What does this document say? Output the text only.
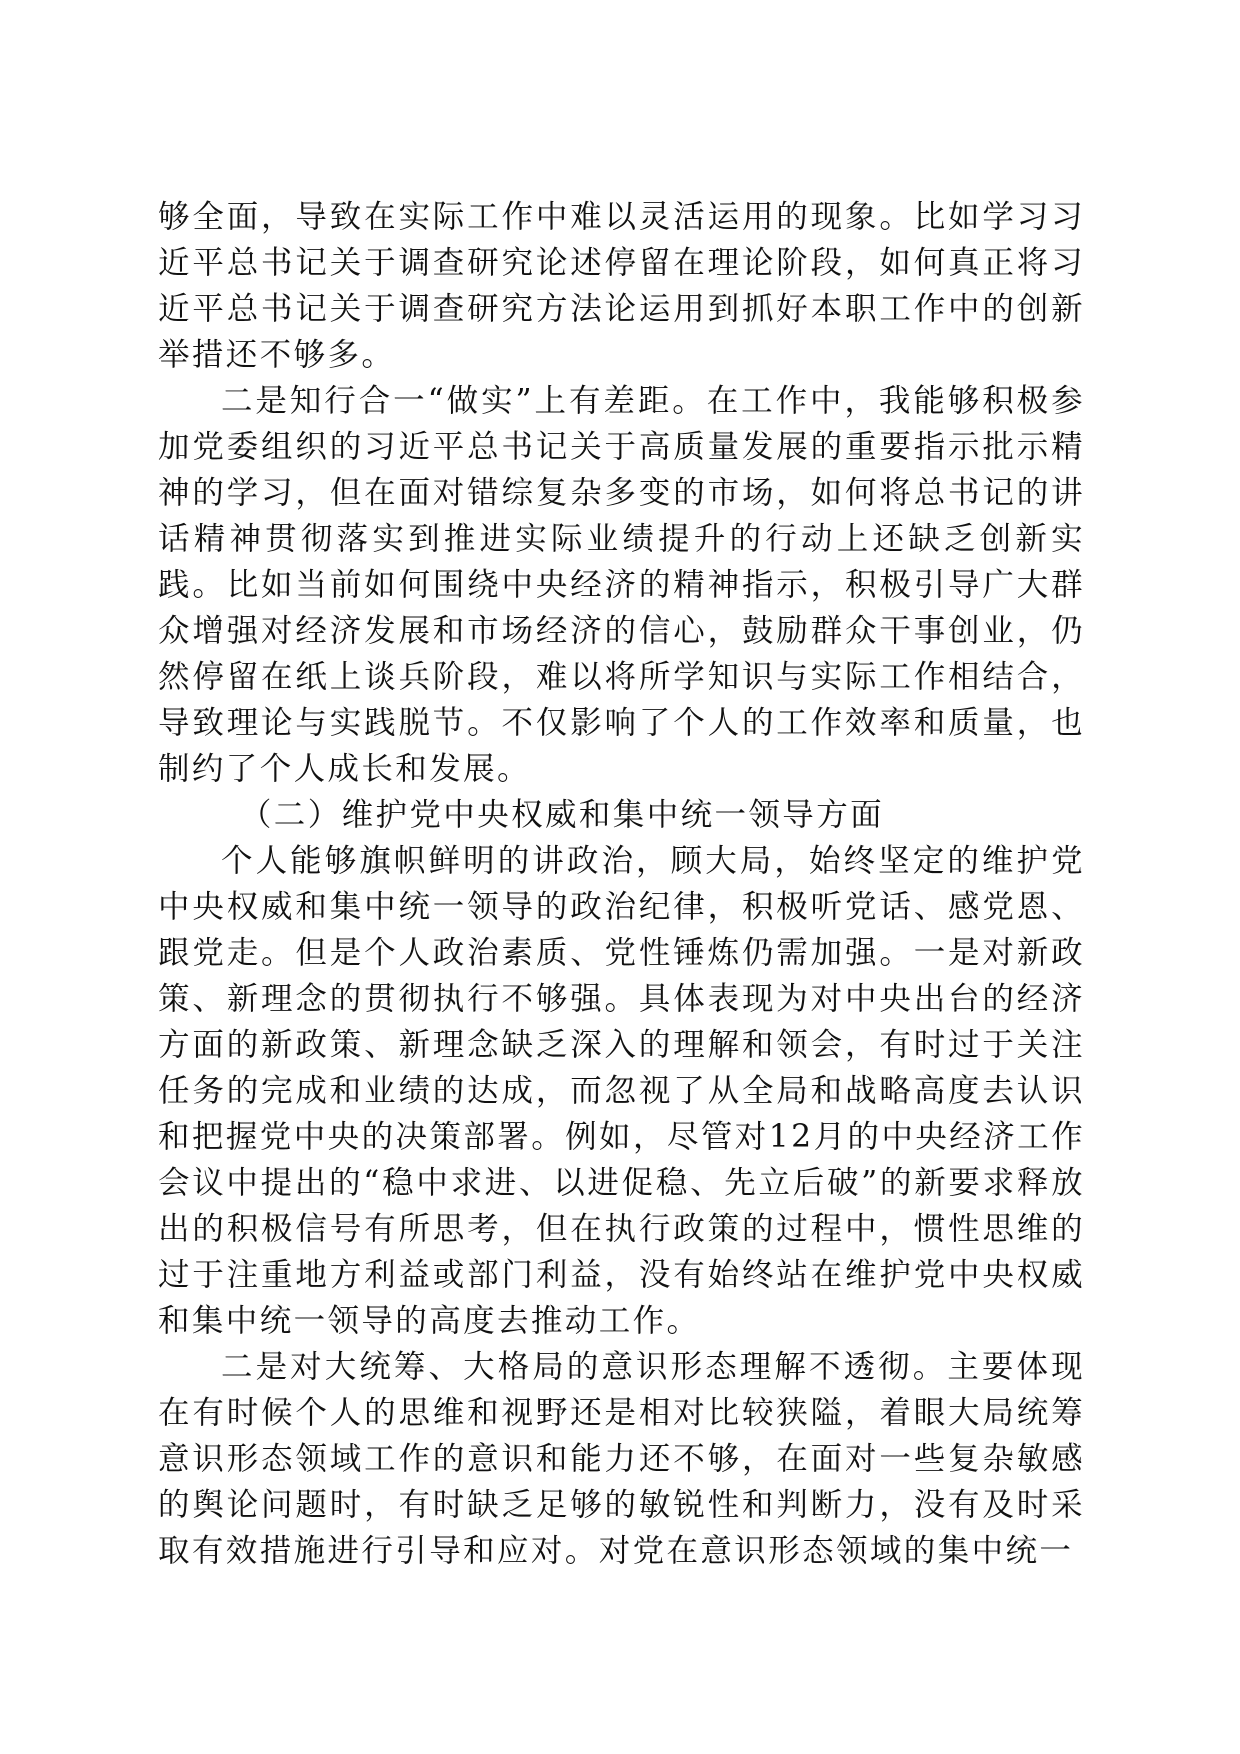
够全面，导致在实际工作中难以灵活运用的现象。比如学习习近平总书记关于调查研究论述停留在理论阶段，如何真正将习近平总书记关于调查研究方法论运用到抓好本职工作中的创新举措还不够多。

二是知行合一“做实”上有差距。在工作中，我能够积极参加党委组织的习近平总书记关于高质量发展的重要指示批示精神的学习，但在面对错综复杂多变的市场，如何将总书记的讲话精神贯彻落实到推进实际业绩提升的行动上还缺乏创新实践。比如当前如何围绕中央经济的精神指示，积极引导广大群众增强对经济发展和市场经济的信心，鼓励群众干事创业，仍然停留在纸上谈兵阶段，难以将所学知识与实际工作相结合，导致理论与实践脱节。不仅影响了个人的工作效率和质量，也制约了个人成长和发展。

（二）维护党中央权威和集中统一领导方面

个人能够旗帜鲜明的讲政治，顾大局，始终坚定的维护党中央权威和集中统一领导的政治纪律，积极听党话、感党恩、跟党走。但是个人政治素质、党性锤炼仍需加强。一是对新政策、新理念的贯彻执行不够强。具体表现为对中央出台的经济方面的新政策、新理念缺乏深入的理解和领会，有时过于关注任务的完成和业绩的达成，而忽视了从全局和战略高度去认识和把握党中央的决策部署。例如，尽管对12月的中央经济工作会议中提出的“稳中求进、以进促稳、先立后破”的新要求释放出的积极信号有所思考，但在执行政策的过程中，惯性思维的过于注重地方利益或部门利益，没有始终站在维护党中央权威和集中统一领导的高度去推动工作。

二是对大统筹、大格局的意识形态理解不透彻。主要体现在有时候个人的思维和视野还是相对比较狭隘，着眼大局统筹意识形态领域工作的意识和能力还不够，在面对一些复杂敏感的舆论问题时，有时缺乏足够的敏锐性和判断力，没有及时采取有效措施进行引导和应对。对党在意识形态领域的集中统一
